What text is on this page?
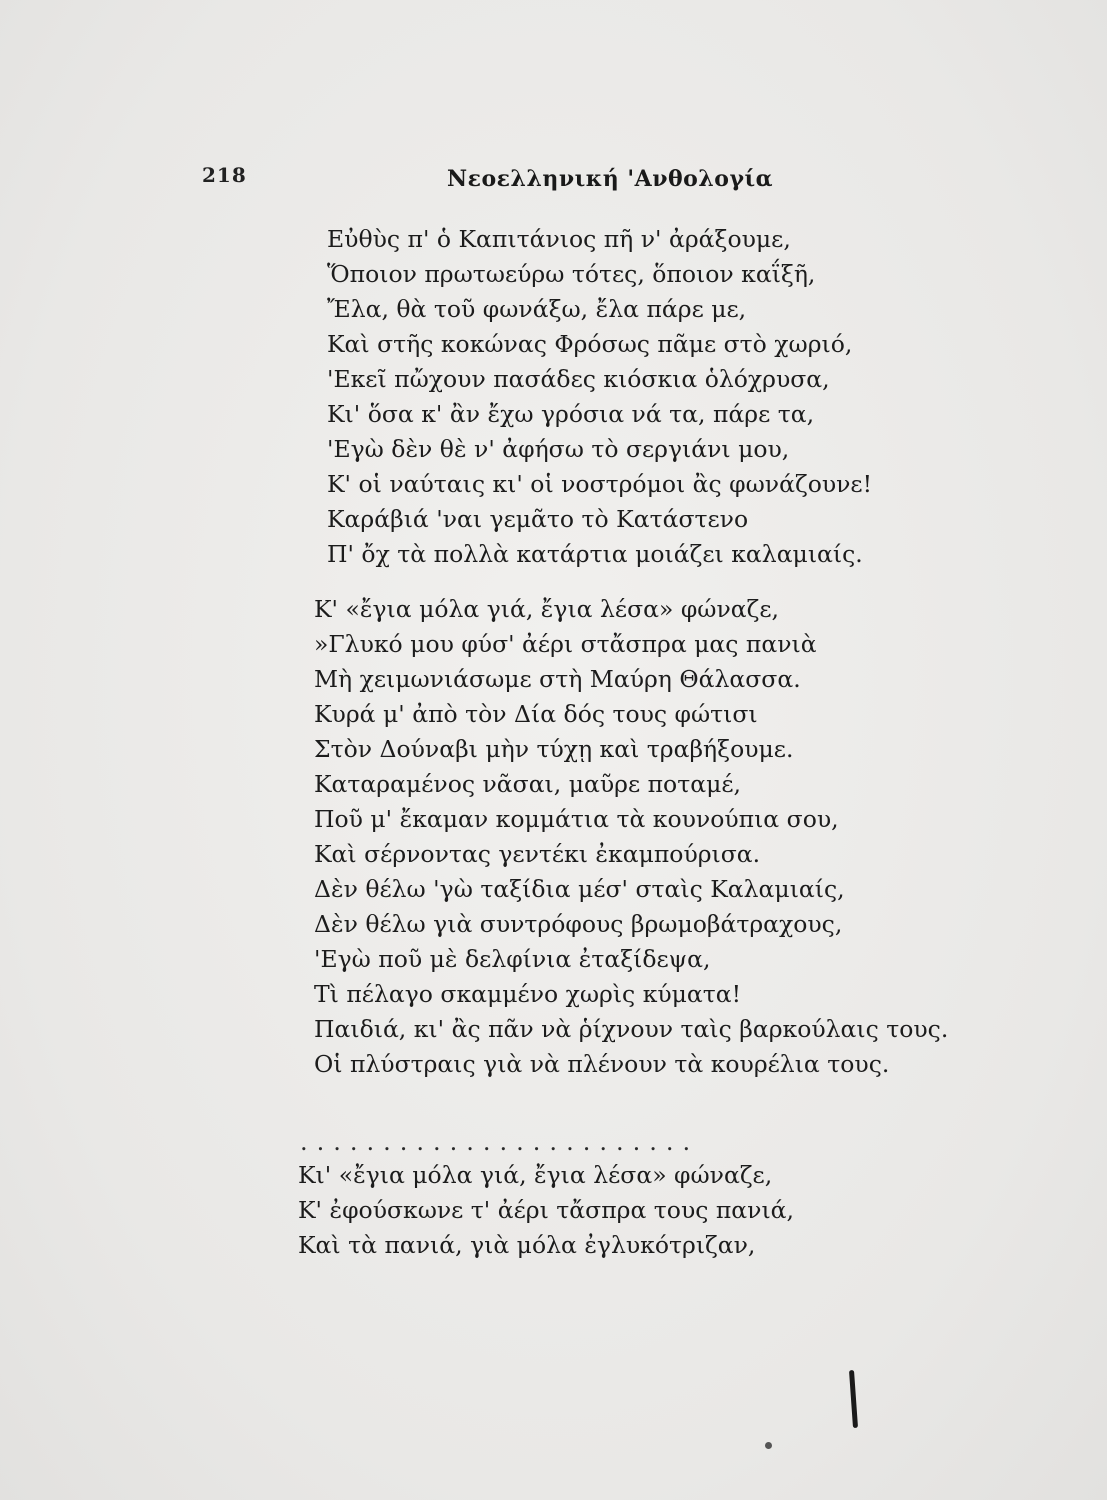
218	Νεοελληνική 'Ανθολογία
Εὐθὺς π' ὁ Καπιτάνιος πῆ ν' ἀράξουμε,
Ὅποιον πρωτωεύρω τότες, ὅποιον καΐξῆ,
Ἔλα, θὰ τοῦ φωνάξω, ἔλα πάρε με,
Καὶ στῆς κοκώνας Φρόσως πᾶμε στὸ χωριό,
'Εκεῖ πὤχουν πασάδες κιόσκια ὁλόχρυσα,
Κι' ὅσα κ' ἂν ἔχω γρόσια νά τα, πάρε τα,
'Εγὼ δὲν θὲ ν' ἀφήσω τὸ σεργιάνι μου,
Κ' οἱ ναύταις κι' οἱ νοστρόμοι ἂς φωνάζουνε!
Καράβιά 'ναι γεμᾶτο τὸ Κατάστενο
Π' ὄχ τὰ πολλὰ κατάρτια μοιάζει καλαμιαίς.
Κ' «ἔγια μόλα γιά, ἔγια λέσα» φώναζε,
»Γλυκό μου φύσ' ἀέρι στἄσπρα μας πανιὰ
Μὴ χειμωνιάσωμε στὴ Μαύρη Θάλασσα.
Κυρά μ' ἀπὸ τὸν Δία δός τους φώτισι
Στὸν Δούναβι μὴν τύχῃ καὶ τραβήξουμε.
Καταραμένος νᾶσαι, μαῦρε ποταμέ,
Ποῦ μ' ἔκαμαν κομμάτια τὰ κουνούπια σου,
Καὶ σέρνοντας γεντέκι ἐκαμπούρισα.
Δὲν θέλω 'γὼ ταξίδια μέσ' σταὶς Καλαμιαίς,
Δὲν θέλω γιὰ συντρόφους βρωμοβάτραχους,
'Εγὼ ποῦ μὲ δελφίνια ἐταξίδεψα,
Τὶ πέλαγο σκαμμένο χωρὶς κύματα!
Παιδιά, κι' ἂς πᾶν νὰ ῥίχνουν ταὶς βαρκούλαις τους.
Οἱ πλύστραις γιὰ νὰ πλένουν τὰ κουρέλια τους.
........................
Κι' «ἔγια μόλα γιά, ἔγια λέσα» φώναζε,
Κ' ἐφούσκωνε τ' ἀέρι τἄσπρα τους πανιά,
Καὶ τὰ πανιά, γιὰ μόλα ἐγλυκότριζαν,
